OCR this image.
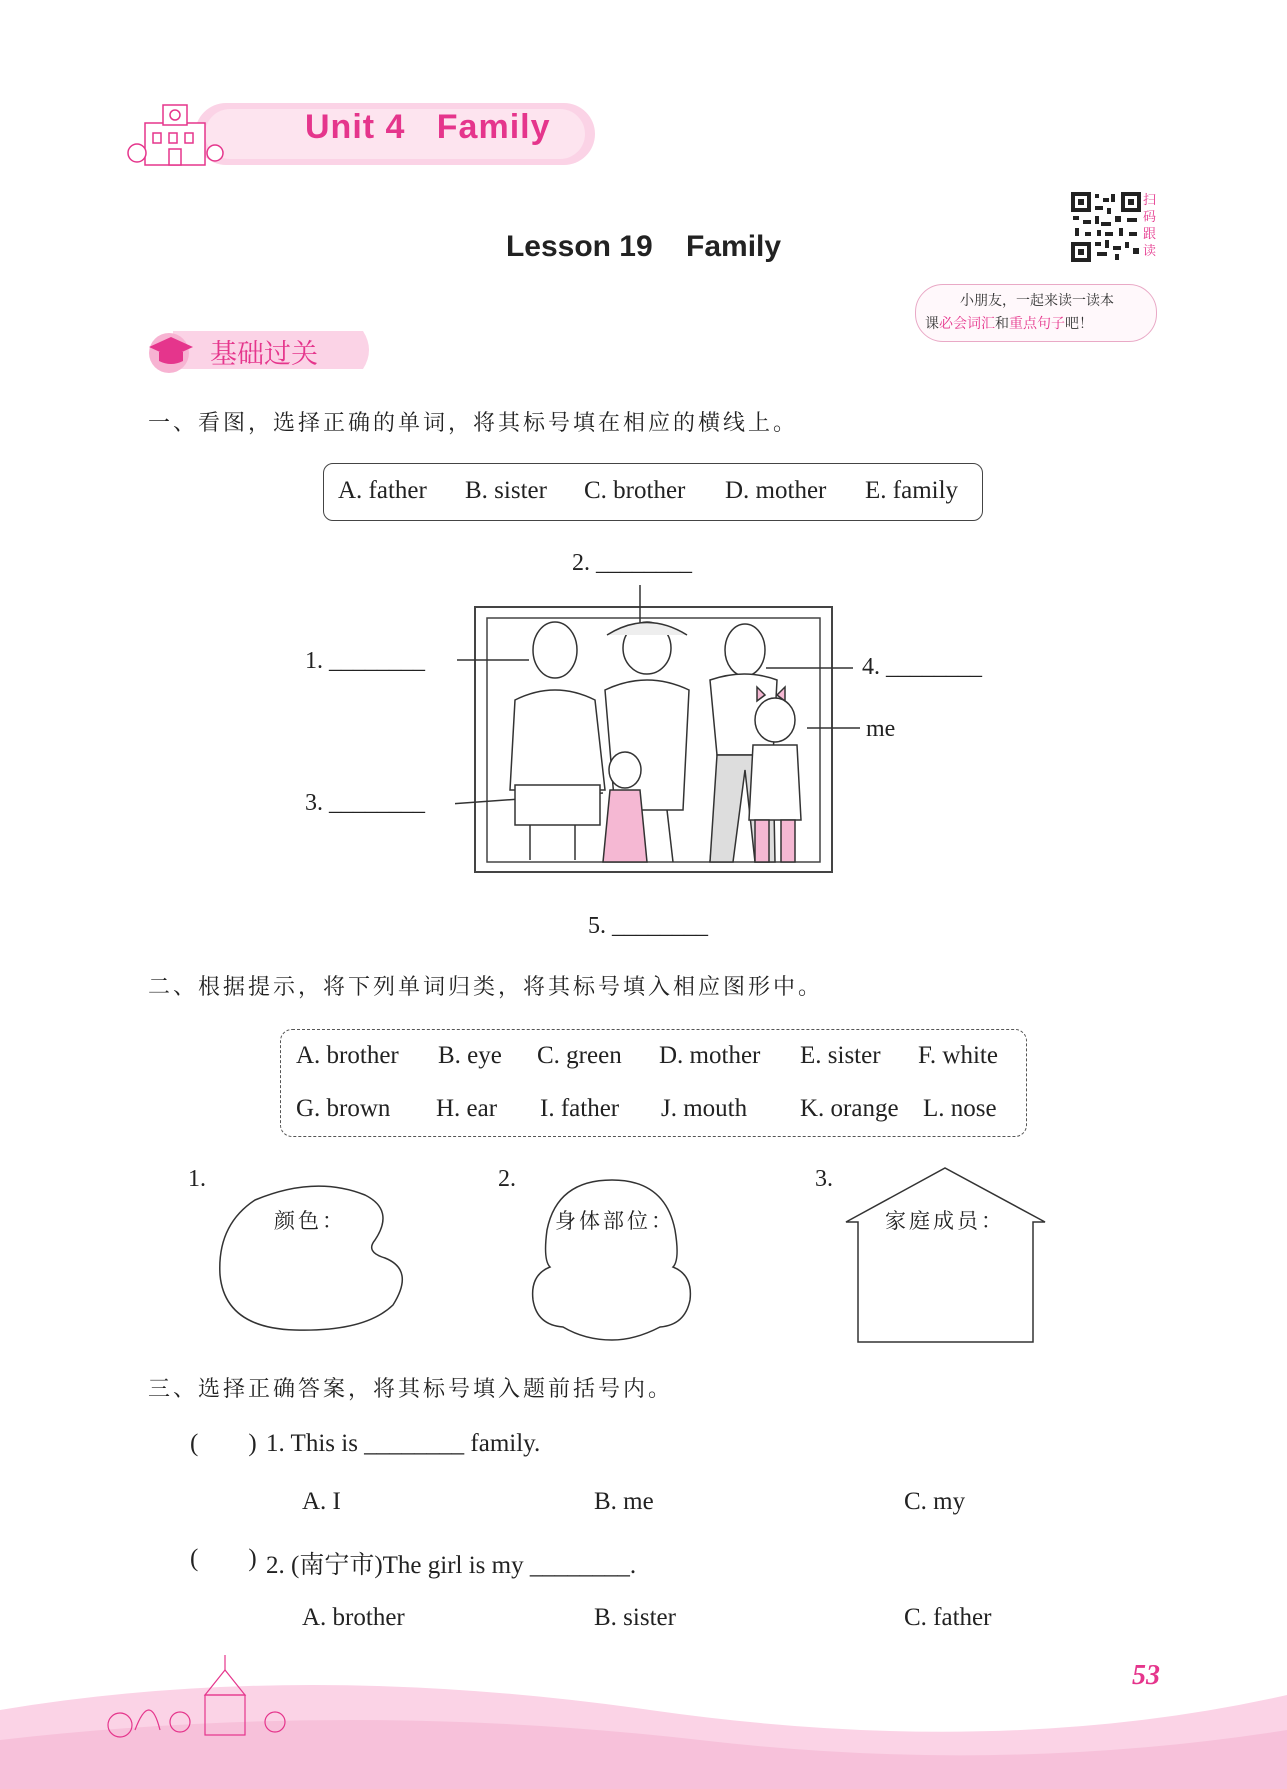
Unit 4   Family
Lesson 19    Family
扫
码
跟
读
小朋友，一起来读一读本
课必会词汇和重点句子吧！
基础过关
一、看图，选择正确的单词，将其标号填在相应的横线上。
A. father B. sister C. brother D. mother E. family
2. ________
1. ________	4. ________
me
3. ________
5. ________
二、根据提示，将下列单词归类，将其标号填入相应图形中。
A. brother B. eye C. green D. mother E. sister F. white
G. brown H. ear I. father J. mouth K. orange L. nose
1.
颜色：
2.
身体部位：
3.
家庭成员：
三、选择正确答案，将其标号填入题前括号内。
(        ) 1. This is ________ family.
A. I	B. me	C. my
(        ) 2. (南宁市)The girl is my ________.
A. brother	B. sister	C. father
53
